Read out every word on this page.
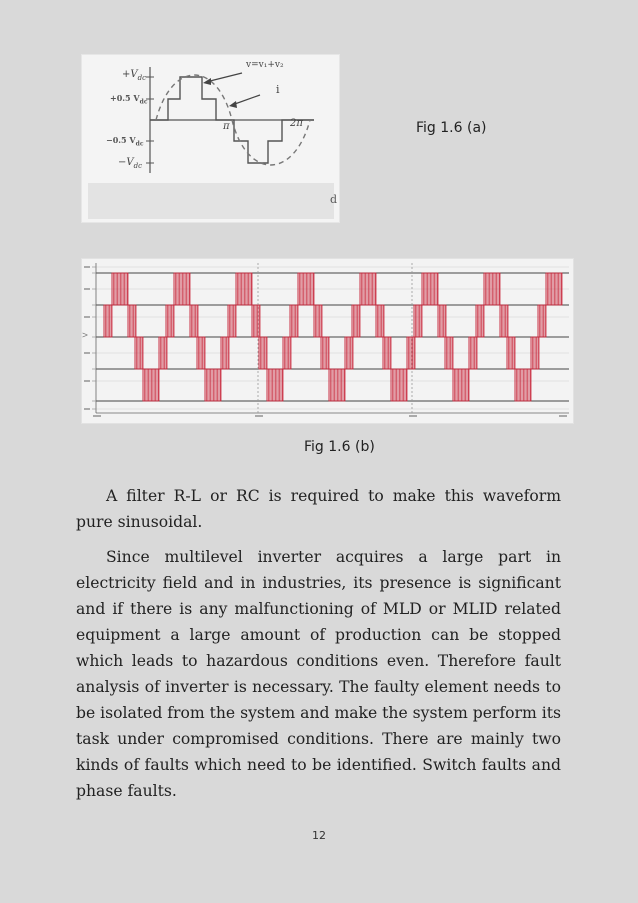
$+V_{dc}$
+0.5 $V_{dc}$
−0.5 $V_{dc}$
$-V_{dc}$
v=v₁+v₂
i
π	2π
d
Fig 1.6 (a)
V
Fig 1.6 (b)

A filter R-L or RC is required to make this waveform pure sinusoidal.

Since multilevel inverter acquires a large part in electricity field and in industries, its presence is significant and if there is any malfunctioning of MLD or MLID related equipment a large amount of production can be stopped which leads to hazardous conditions even. Therefore fault analysis of inverter is necessary. The faulty element needs to be isolated from the system and make the system perform its task under compromised conditions. There are mainly two kinds of faults which need to be identified. Switch faults and phase faults.

12
